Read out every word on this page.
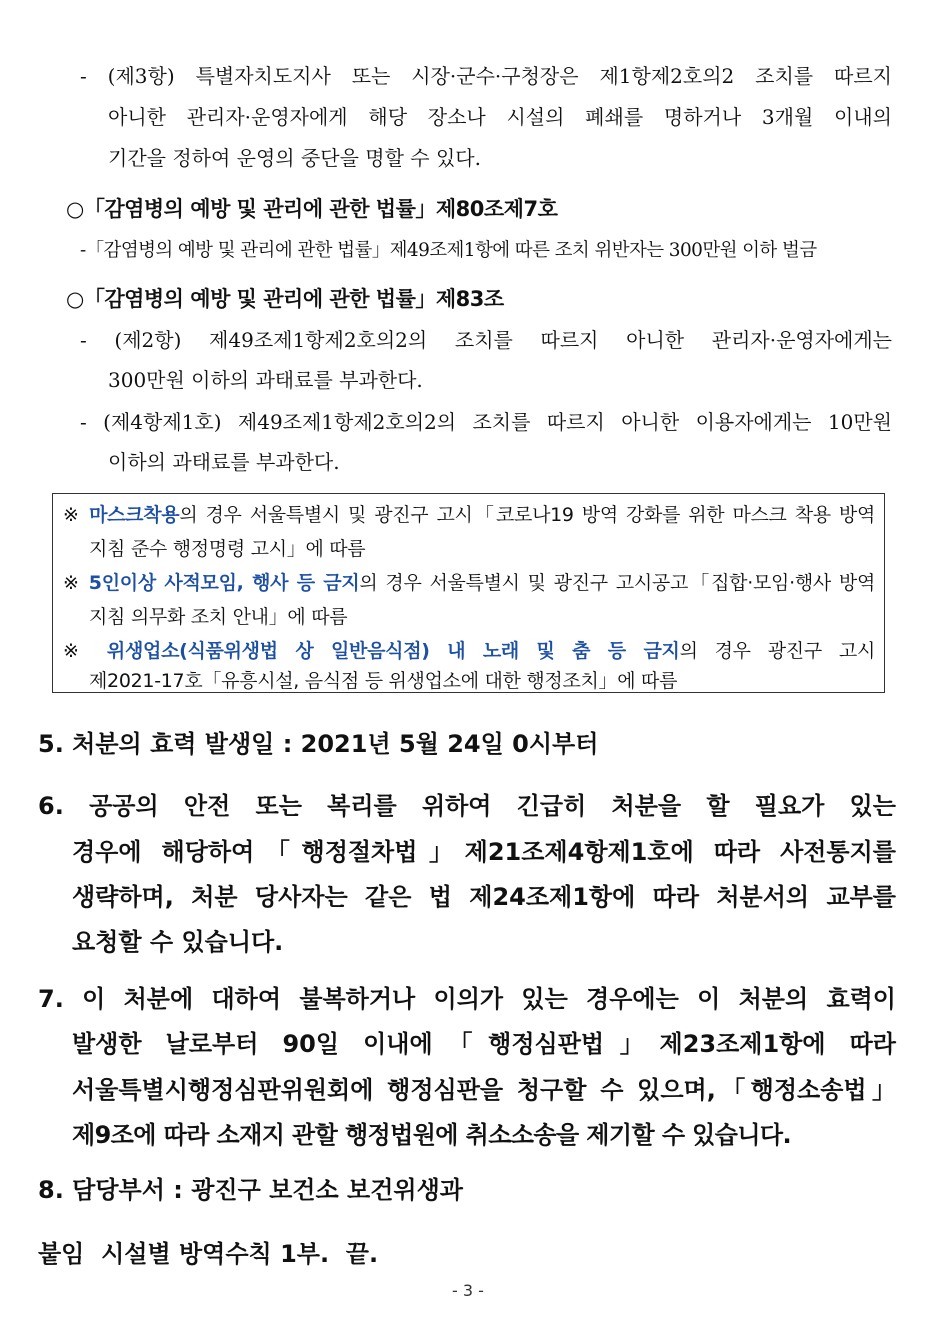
- (제3항) 특별자치도지사 또는 시장·군수·구청장은 제1항제2호의2 조치를 따르지
아니한 관리자·운영자에게 해당 장소나 시설의 폐쇄를 명하거나 3개월 이내의
기간을 정하여 운영의 중단을 명할 수 있다.
○「감염병의 예방 및 관리에 관한 법률」제80조제7호
-「감염병의 예방 및 관리에 관한 법률」제49조제1항에 따른 조치 위반자는 300만원 이하 벌금
○「감염병의 예방 및 관리에 관한 법률」제83조
- (제2항) 제49조제1항제2호의2의 조치를 따르지 아니한 관리자·운영자에게는
300만원 이하의 과태료를 부과한다.
- (제4항제1호) 제49조제1항제2호의2의 조치를 따르지 아니한 이용자에게는 10만원
이하의 과태료를 부과한다.
※ 마스크착용의 경우 서울특별시 및 광진구 고시「코로나19 방역 강화를 위한 마스크 착용 방역
지침 준수 행정명령 고시」에 따름
※ 5인이상 사적모임, 행사 등 금지의 경우 서울특별시 및 광진구 고시공고「집합·모임·행사 방역
지침 의무화 조치 안내」에 따름
※ 위생업소(식품위생법 상 일반음식점) 내 노래 및 춤 등 금지의 경우 광진구 고시
제2021-17호「유흥시설, 음식점 등 위생업소에 대한 행정조치」에 따름
5. 처분의 효력 발생일 : 2021년 5월 24일 0시부터
6. 공공의 안전 또는 복리를 위하여 긴급히 처분을 할 필요가 있는
경우에 해당하여「행정절차법」제21조제4항제1호에 따라 사전통지를
생략하며, 처분 당사자는 같은 법 제24조제1항에 따라 처분서의 교부를
요청할 수 있습니다.
7. 이 처분에 대하여 불복하거나 이의가 있는 경우에는 이 처분의 효력이
발생한 날로부터 90일 이내에「행정심판법」제23조제1항에 따라
서울특별시행정심판위원회에 행정심판을 청구할 수 있으며,「행정소송법」
제9조에 따라 소재지 관할 행정법원에 취소소송을 제기할 수 있습니다.
8. 담당부서 : 광진구 보건소 보건위생과
붙임  시설별 방역수칙 1부.  끝.
- 3 -
